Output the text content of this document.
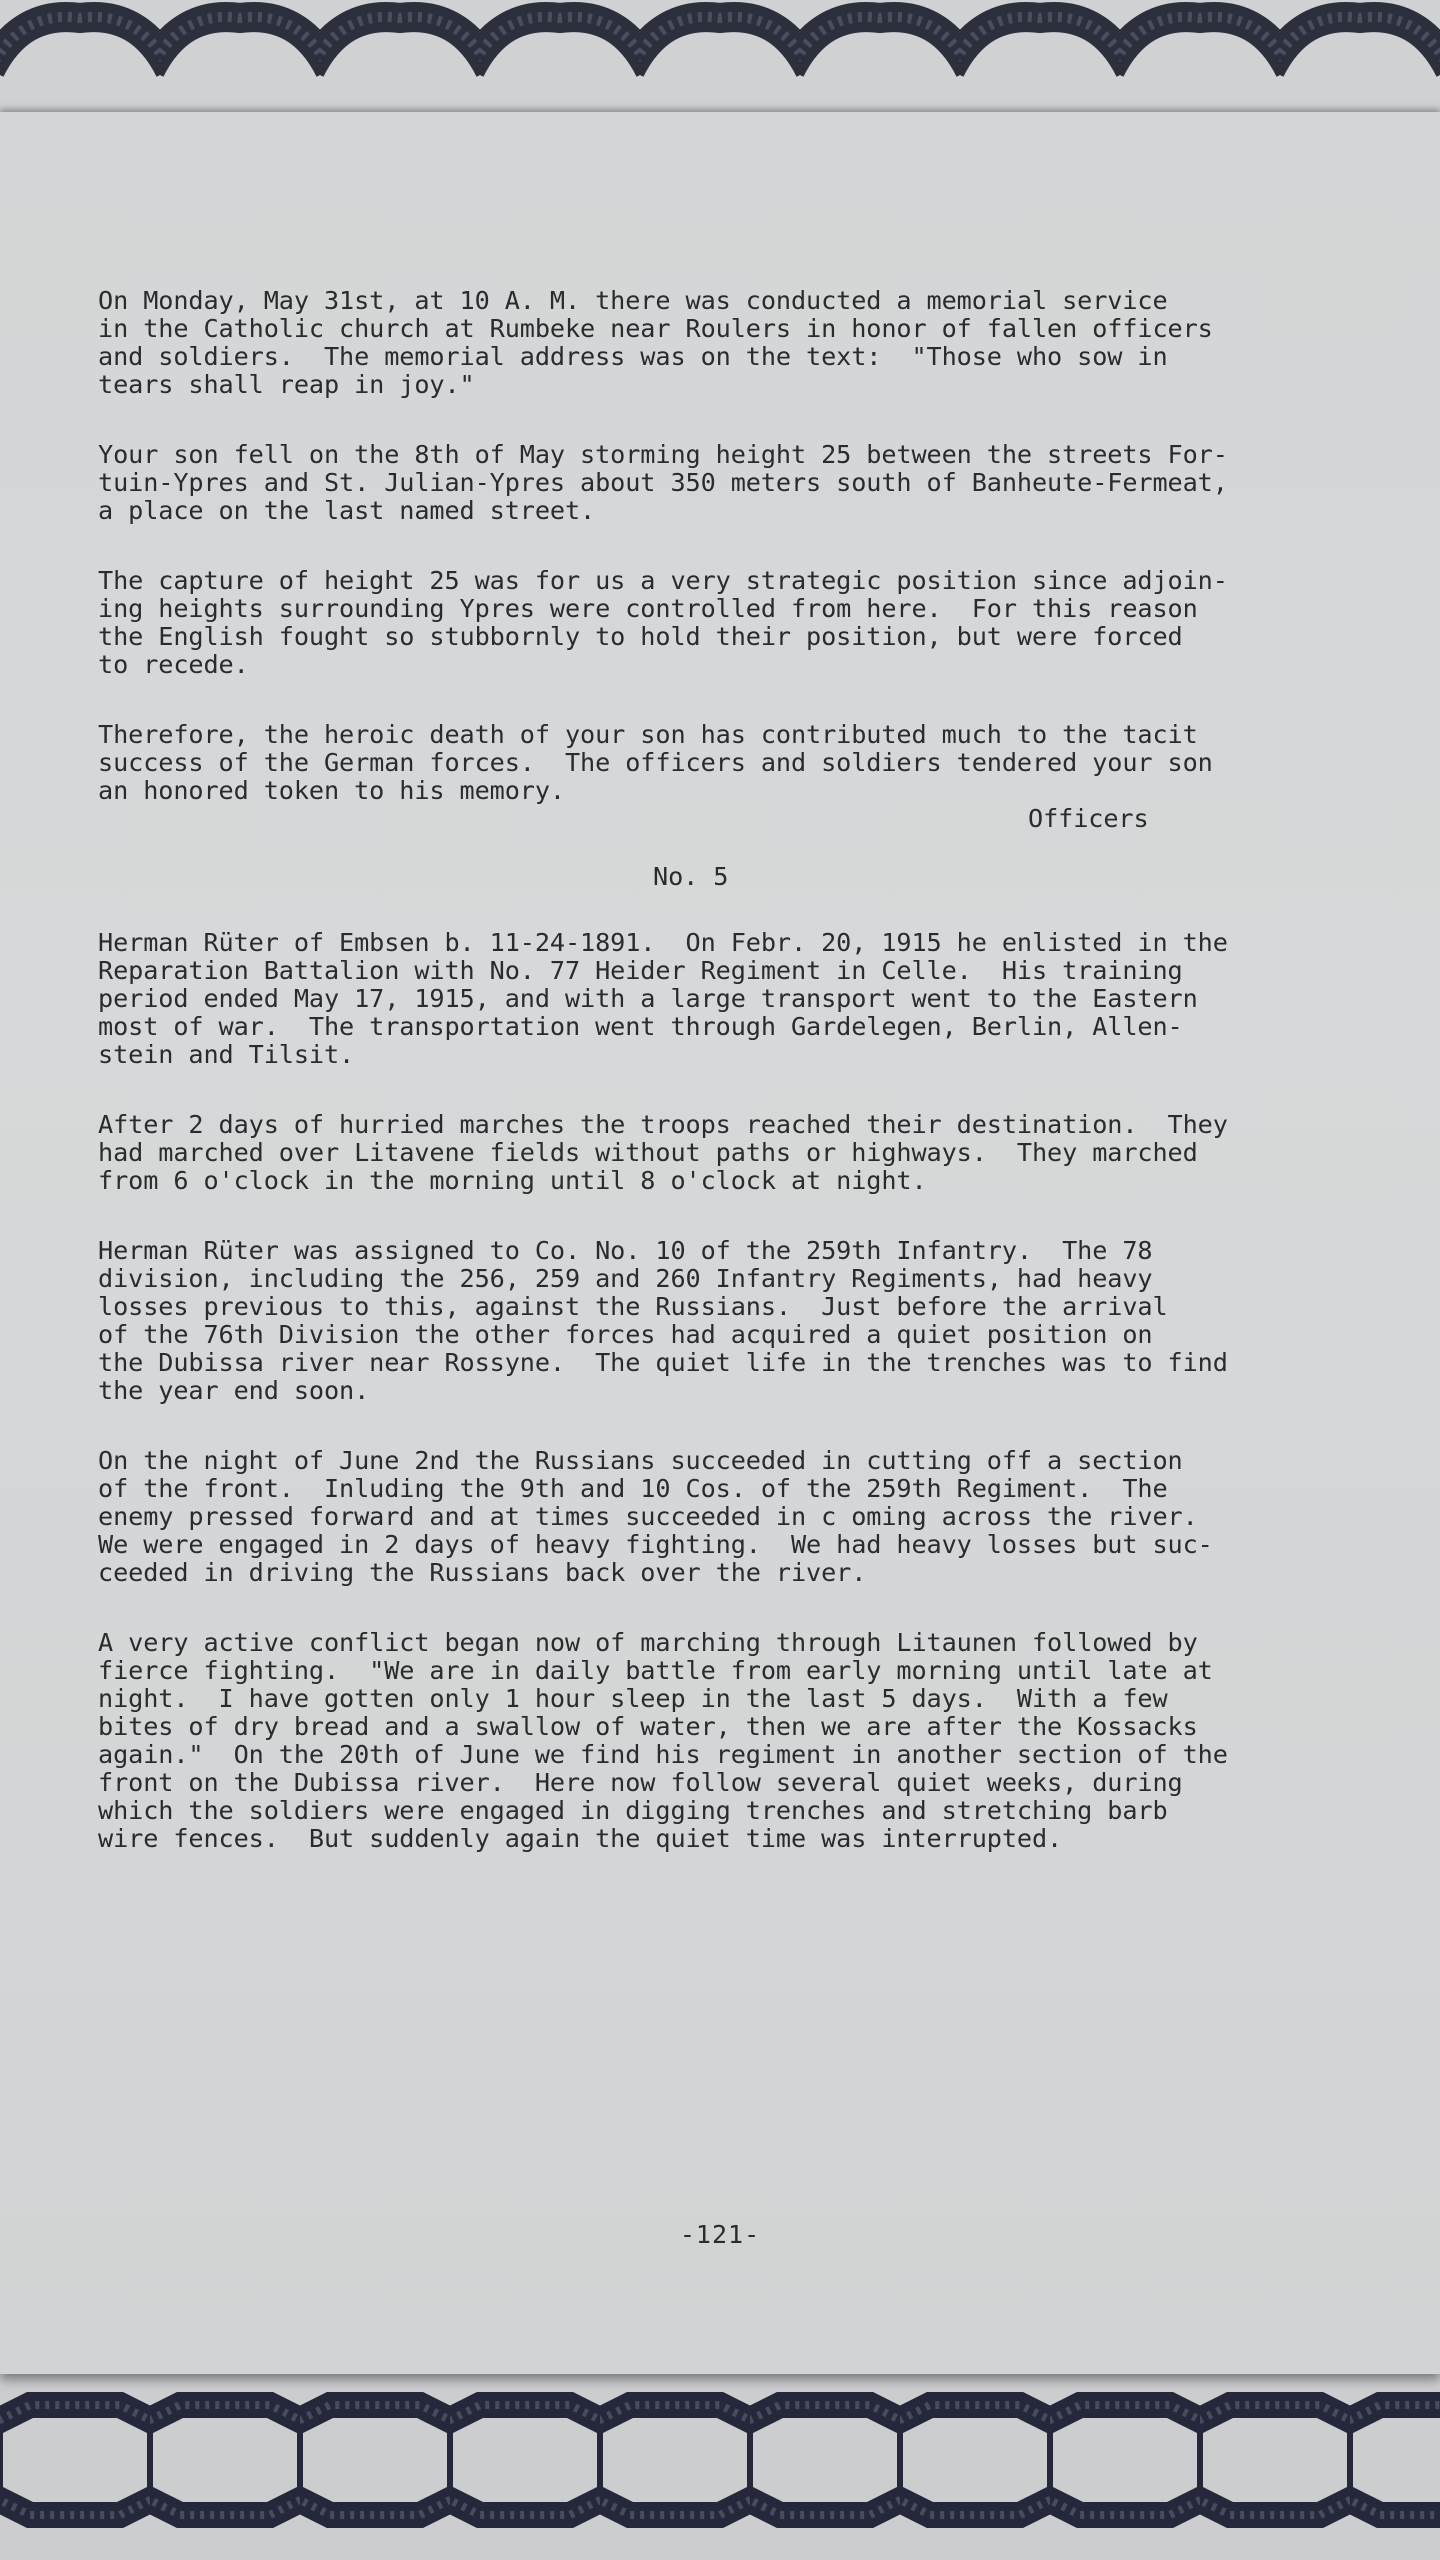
On Monday, May 31st, at 10 A. M. there was conducted a memorial service
in the Catholic church at Rumbeke near Roulers in honor of fallen officers
and soldiers.  The memorial address was on the text:  "Those who sow in
tears shall reap in joy."

Your son fell on the 8th of May storming height 25 between the streets For-
tuin-Ypres and St. Julian-Ypres about 350 meters south of Banheute-Fermeat,
a place on the last named street.

The capture of height 25 was for us a very strategic position since adjoin-
ing heights surrounding Ypres were controlled from here.  For this reason
the English fought so stubbornly to hold their position, but were forced
to recede.

Therefore, the heroic death of your son has contributed much to the tacit
success of the German forces.  The officers and soldiers tendered your son
an honored token to his memory.

Officers
No. 5

Herman Rüter of Embsen b. 11-24-1891.  On Febr. 20, 1915 he enlisted in the
Reparation Battalion with No. 77 Heider Regiment in Celle.  His training
period ended May 17, 1915, and with a large transport went to the Eastern
most of war.  The transportation went through Gardelegen, Berlin, Allen-
stein and Tilsit.

After 2 days of hurried marches the troops reached their destination.  They
had marched over Litavene fields without paths or highways.  They marched
from 6 o'clock in the morning until 8 o'clock at night.

Herman Rüter was assigned to Co. No. 10 of the 259th Infantry.  The 78
division, including the 256, 259 and 260 Infantry Regiments, had heavy
losses previous to this, against the Russians.  Just before the arrival
of the 76th Division the other forces had acquired a quiet position on
the Dubissa river near Rossyne.  The quiet life in the trenches was to find
the year end soon.

On the night of June 2nd the Russians succeeded in cutting off a section
of the front.  Inluding the 9th and 10 Cos. of the 259th Regiment.  The
enemy pressed forward and at times succeeded in c oming across the river.
We were engaged in 2 days of heavy fighting.  We had heavy losses but suc-
ceeded in driving the Russians back over the river.

A very active conflict began now of marching through Litaunen followed by
fierce fighting.  "We are in daily battle from early morning until late at
night.  I have gotten only 1 hour sleep in the last 5 days.  With a few
bites of dry bread and a swallow of water, then we are after the Kossacks
again."  On the 20th of June we find his regiment in another section of the
front on the Dubissa river.  Here now follow several quiet weeks, during
which the soldiers were engaged in digging trenches and stretching barb
wire fences.  But suddenly again the quiet time was interrupted.

-121-
